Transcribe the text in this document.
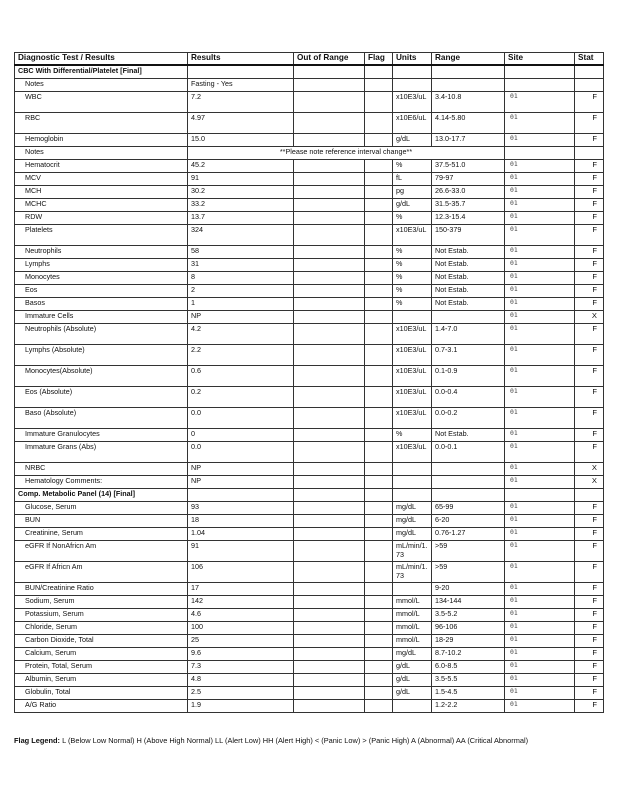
Diagnostic Test / Results	Results	Out of Range	Flag	Units	Range	Site	Stat
CBC With Differential/Platelet [Final]							
Notes	Fasting - Yes						
WBC	7.2			x10E3/uL	3.4-10.8	01	F
RBC	4.97			x10E6/uL	4.14-5.80	01	F
Hemoglobin	15.0			g/dL	13.0-17.7	01	F
Notes	**Please note reference interval change**						
Hematocrit	45.2			%	37.5-51.0	01	F
MCV	91			fL	79-97	01	F
MCH	30.2			pg	26.6-33.0	01	F
MCHC	33.2			g/dL	31.5-35.7	01	F
RDW	13.7			%	12.3-15.4	01	F
Platelets	324			x10E3/uL	150-379	01	F
Neutrophils	58			%	Not Estab.	01	F
Lymphs	31			%	Not Estab.	01	F
Monocytes	8			%	Not Estab.	01	F
Eos	2			%	Not Estab.	01	F
Basos	1			%	Not Estab.	01	F
Immature Cells	NP					01	X
Neutrophils (Absolute)	4.2			x10E3/uL	1.4-7.0	01	F
Lymphs (Absolute)	2.2			x10E3/uL	0.7-3.1	01	F
Monocytes(Absolute)	0.6			x10E3/uL	0.1-0.9	01	F
Eos (Absolute)	0.2			x10E3/uL	0.0-0.4	01	F
Baso (Absolute)	0.0			x10E3/uL	0.0-0.2	01	F
Immature Granulocytes	0			%	Not Estab.	01	F
Immature Grans (Abs)	0.0			x10E3/uL	0.0-0.1	01	F
NRBC	NP					01	X
Hematology Comments:	NP					01	X
Comp. Metabolic Panel (14) [Final]							
Glucose, Serum	93			mg/dL	65-99	01	F
BUN	18			mg/dL	6-20	01	F
Creatinine, Serum	1.04			mg/dL	0.76-1.27	01	F
eGFR If NonAfricn Am	91			mL/min/1.73	>59	01	F
eGFR If Africn Am	106			mL/min/1.73	>59	01	F
BUN/Creatinine Ratio	17				9-20	01	F
Sodium, Serum	142			mmol/L	134-144	01	F
Potassium, Serum	4.6			mmol/L	3.5-5.2	01	F
Chloride, Serum	100			mmol/L	96-106	01	F
Carbon Dioxide, Total	25			mmol/L	18-29	01	F
Calcium, Serum	9.6			mg/dL	8.7-10.2	01	F
Protein, Total, Serum	7.3			g/dL	6.0-8.5	01	F
Albumin, Serum	4.8			g/dL	3.5-5.5	01	F
Globulin, Total	2.5			g/dL	1.5-4.5	01	F
A/G Ratio	1.9				1.2-2.2	01	F
Flag Legend: L (Below Low Normal) H (Above High Normal) LL (Alert Low) HH (Alert High) < (Panic Low) > (Panic High) A (Abnormal) AA (Critical Abnormal)
